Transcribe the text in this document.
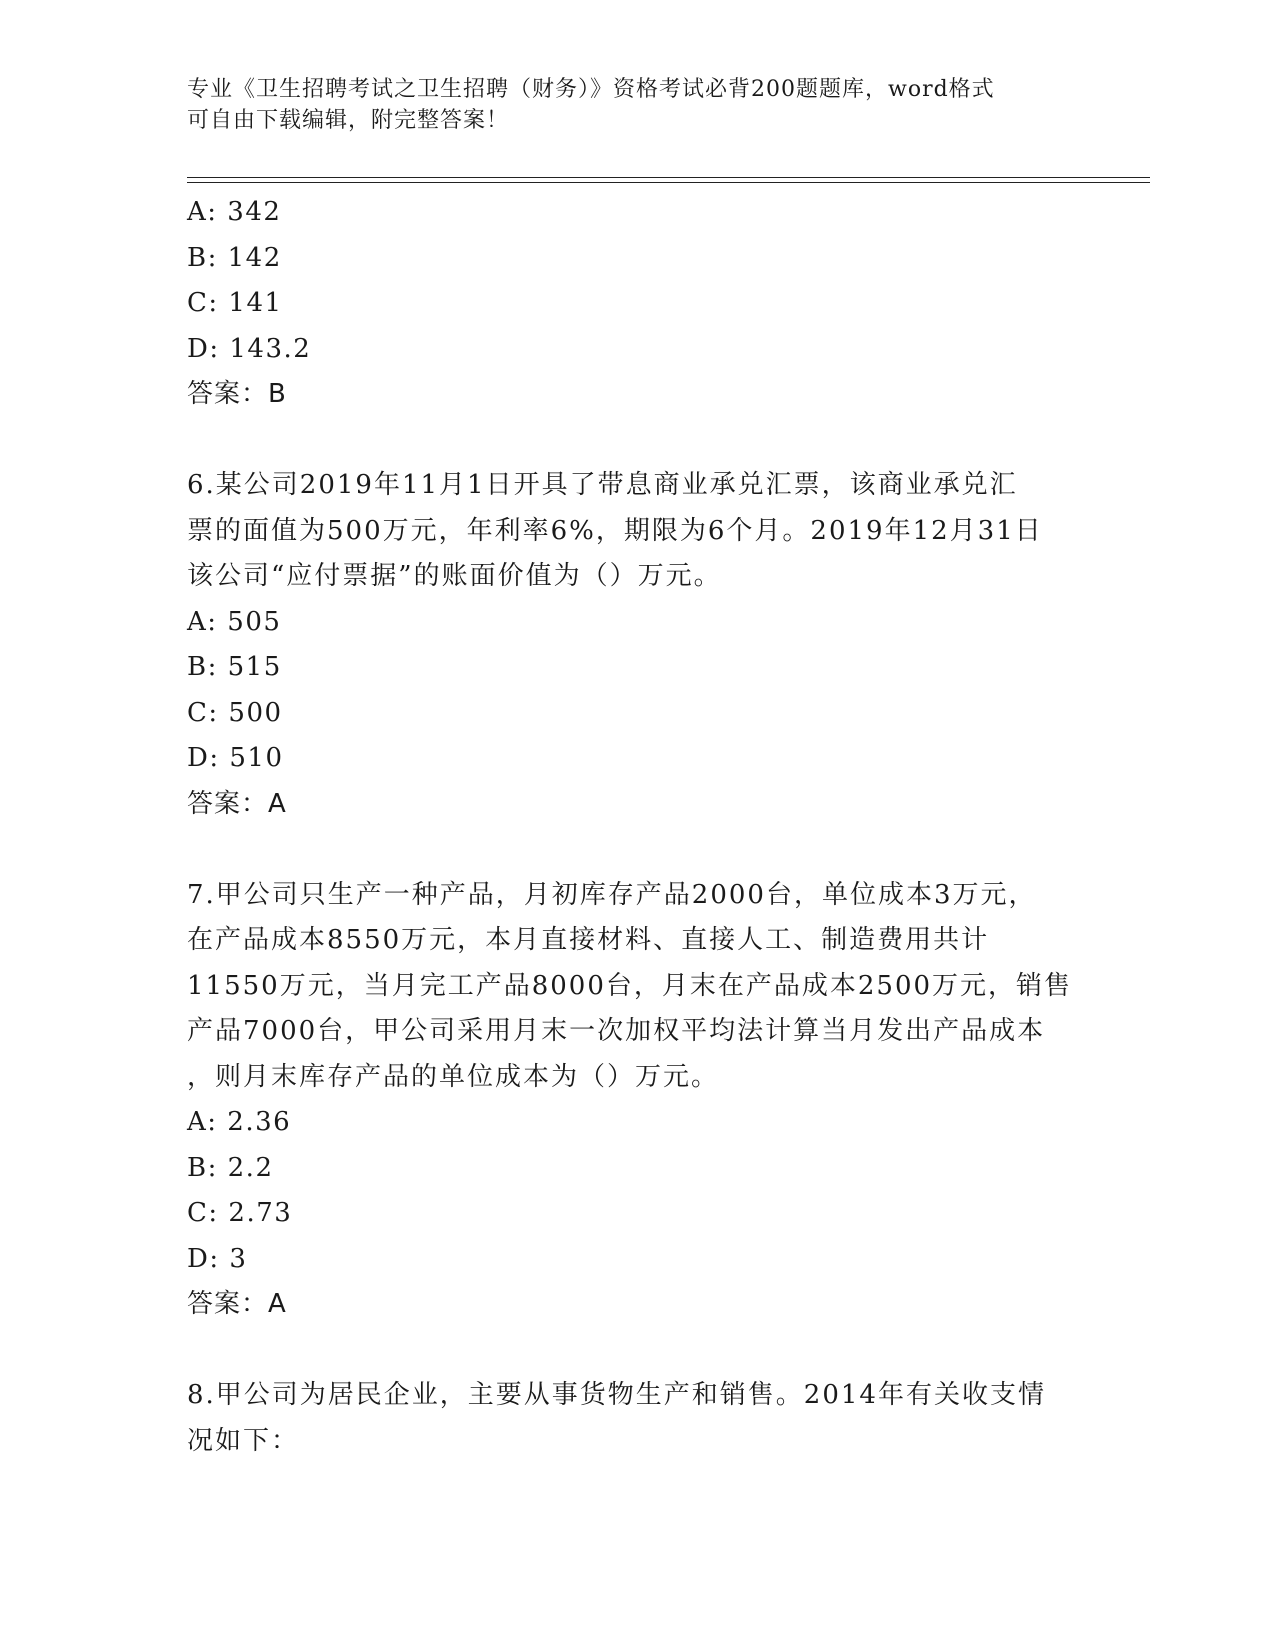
专业《卫生招聘考试之卫生招聘（财务）》资格考试必背200题题库，word格式
可自由下载编辑，附完整答案！
A: 342
B: 142
C: 141
D: 143.2
答案：B
6.某公司2019年11月1日开具了带息商业承兑汇票，该商业承兑汇
票的面值为500万元，年利率6%，期限为6个月。2019年12月31日
该公司“应付票据”的账面价值为（）万元。
A: 505
B: 515
C: 500
D: 510
答案：A
7.甲公司只生产一种产品，月初库存产品2000台，单位成本3万元，
在产品成本8550万元，本月直接材料、直接人工、制造费用共计
11550万元，当月完工产品8000台，月末在产品成本2500万元，销售
产品7000台，甲公司采用月末一次加权平均法计算当月发出产品成本
，则月末库存产品的单位成本为（）万元。
A: 2.36
B: 2.2
C: 2.73
D: 3
答案：A
8.甲公司为居民企业，主要从事货物生产和销售。2014年有关收支情
况如下：
